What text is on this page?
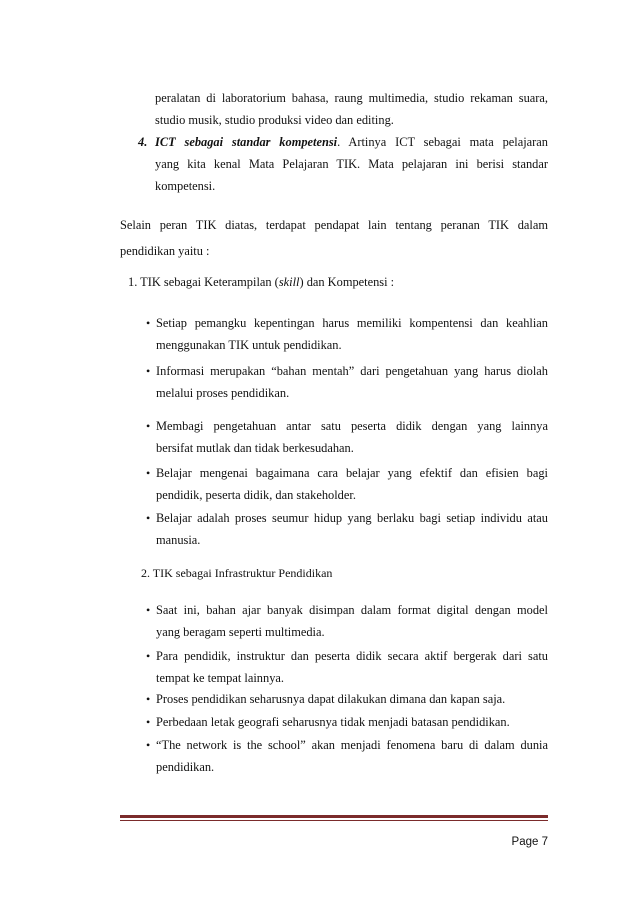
peralatan di laboratorium bahasa, raung multimedia, studio rekaman suara,
studio musik, studio produksi video dan editing.
4. ICT sebagai standar kompetensi. Artinya ICT sebagai mata pelajaran
yang kita kenal Mata Pelajaran TIK. Mata pelajaran ini berisi standar
kompetensi.
Selain peran TIK diatas, terdapat pendapat lain tentang peranan TIK dalam
pendidikan yaitu :
1. TIK sebagai Keterampilan (skill) dan Kompetensi :
• Setiap pemangku kepentingan harus memiliki kompentensi dan keahlian
menggunakan TIK untuk pendidikan.
• Informasi merupakan “bahan mentah” dari pengetahuan yang harus diolah
melalui proses pendidikan.
• Membagi pengetahuan antar satu peserta didik dengan yang lainnya
bersifat mutlak dan tidak berkesudahan.
• Belajar mengenai bagaimana cara belajar yang efektif dan efisien bagi
pendidik, peserta didik, dan stakeholder.
• Belajar adalah proses seumur hidup yang berlaku bagi setiap individu atau
manusia.
2. TIK sebagai Infrastruktur Pendidikan
• Saat ini, bahan ajar banyak disimpan dalam format digital dengan model
yang beragam seperti multimedia.
• Para pendidik, instruktur dan peserta didik secara aktif bergerak dari satu
tempat ke tempat lainnya.
• Proses pendidikan seharusnya dapat dilakukan dimana dan kapan saja.
• Perbedaan letak geografi seharusnya tidak menjadi batasan pendidikan.
• “The network is the school” akan menjadi fenomena baru di dalam dunia
pendidikan.
Page 7
